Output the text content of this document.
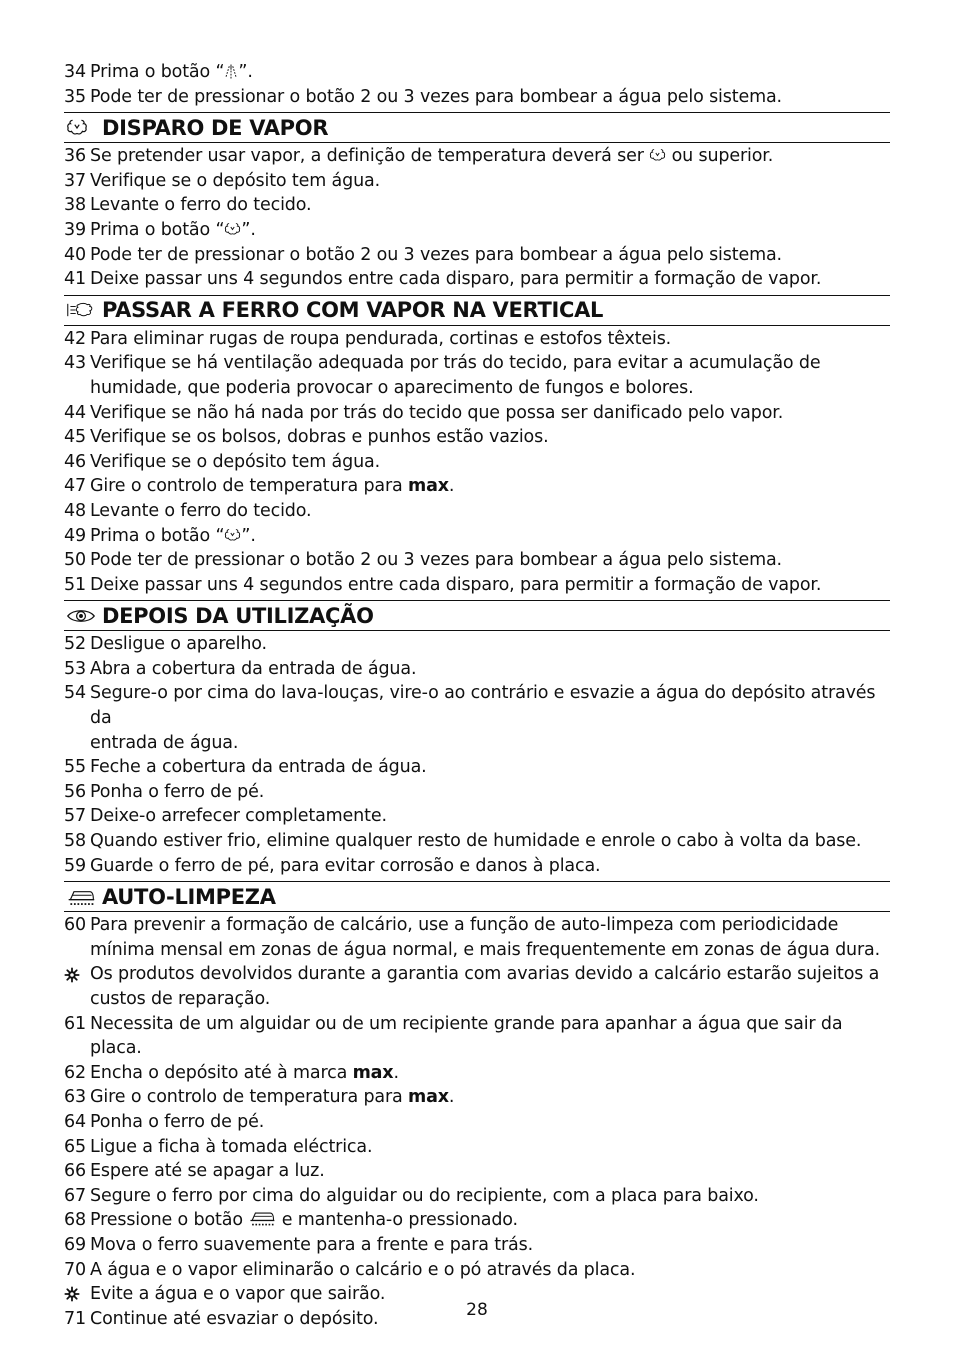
34 Prima o botão “ ”.
35 Pode ter de pressionar o botão 2 ou 3 vezes para bombear a água pelo sistema.
DISPARO DE VAPOR
36 Se pretender usar vapor, a definição de temperatura deverá ser  ou superior.
37 Verifique se o depósito tem água.
38 Levante o ferro do tecido.
39 Prima o botão “ ”.
40 Pode ter de pressionar o botão 2 ou 3 vezes para bombear a água pelo sistema.
41 Deixe passar uns 4 segundos entre cada disparo, para permitir a formação de vapor.
PASSAR A FERRO COM VAPOR NA VERTICAL
42 Para eliminar rugas de roupa pendurada, cortinas e estofos têxteis.
43 Verifique se há ventilação adequada por trás do tecido, para evitar a acumulação de
humidade, que poderia provocar o aparecimento de fungos e bolores.
44 Verifique se não há nada por trás do tecido que possa ser danificado pelo vapor.
45 Verifique se os bolsos, dobras e punhos estão vazios.
46 Verifique se o depósito tem água.
47 Gire o controlo de temperatura para max.
48 Levante o ferro do tecido.
49 Prima o botão “ ”.
50 Pode ter de pressionar o botão 2 ou 3 vezes para bombear a água pelo sistema.
51 Deixe passar uns 4 segundos entre cada disparo, para permitir a formação de vapor.
DEPOIS DA UTILIZAÇÃO
52 Desligue o aparelho.
53 Abra a cobertura da entrada de água.
54 Segure-o por cima do lava-louças, vire-o ao contrário e esvazie a água do depósito através da
entrada de água.
55 Feche a cobertura da entrada de água.
56 Ponha o ferro de pé.
57 Deixe-o arrefecer completamente.
58 Quando estiver frio, elimine qualquer resto de humidade e enrole o cabo à volta da base.
59 Guarde o ferro de pé, para evitar corrosão e danos à placa.
AUTO-LIMPEZA
60 Para prevenir a formação de calcário, use a função de auto-limpeza com periodicidade
mínima mensal em zonas de água normal, e mais frequentemente em zonas de água dura.
Os produtos devolvidos durante a garantia com avarias devido a calcário estarão sujeitos a
custos de reparação.
61 Necessita de um alguidar ou de um recipiente grande para apanhar a água que sair da placa.
62 Encha o depósito até à marca max.
63 Gire o controlo de temperatura para max.
64 Ponha o ferro de pé.
65 Ligue a ficha à tomada eléctrica.
66 Espere até se apagar a luz.
67 Segure o ferro por cima do alguidar ou do recipiente, com a placa para baixo.
68 Pressione o botão  e mantenha-o pressionado.
69 Mova o ferro suavemente para a frente e para trás.
70 A água e o vapor eliminarão o calcário e o pó através da placa.
Evite a água e o vapor que sairão.
71 Continue até esvaziar o depósito.	28
